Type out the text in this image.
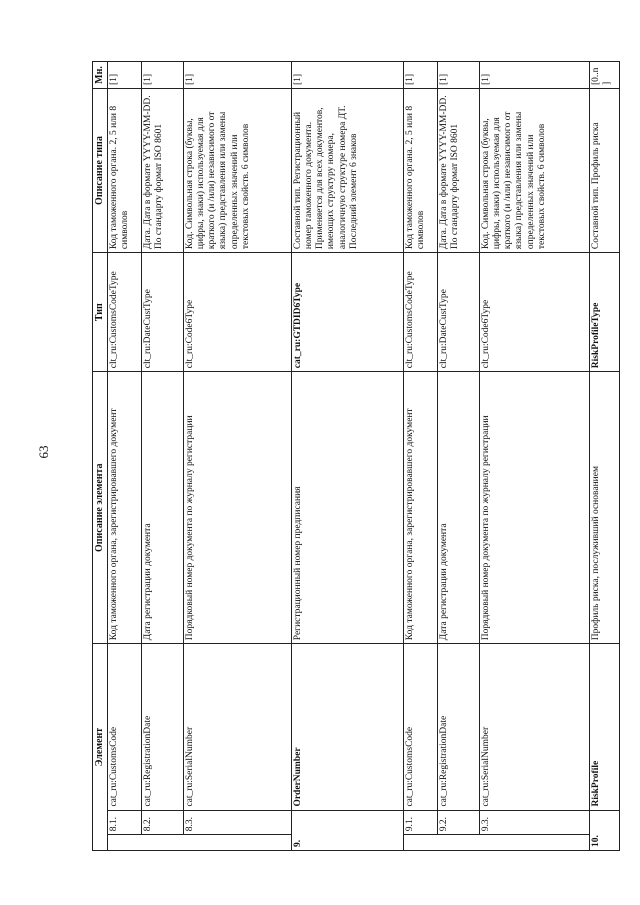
63
Элемент			Описание элемента	Тип	Описание типа	Мн.
	8.1.	cat_ru:CustomsCode	Код таможенного органа, зарегистрировавшего документ	clt_ru:CustomsCodeType	Код таможенного органа. 2, 5 или 8 символов	[1]
	8.2.	cat_ru:RegistrationDate	Дата регистрации документа	clt_ru:DateCustType	Дата. Дата в формате YYYY-MM-DD. По стандарту формат ISO 8601	[1]
	8.3.	cat_ru:SerialNumber	Порядковый номер документа по журналу регистрации	clt_ru:Code6Type	Код. Символьная строка (буквы, цифры, знаки) используемая для краткого (и /или) независимого от языка) представления или замены определенных значений или текстовых свойств. 6 символов	[1]
9.		OrderNumber	Регистрационный номер предписания	cat_ru:GTDID6Type	Составной тип. Регистрационный номер таможенного документа. Применяется для всех документов, имеющих структуру номера, аналогичную структуре номера ДТ. Последний элемент 6 знаков	[1]
	9.1.	cat_ru:CustomsCode	Код таможенного органа, зарегистрировавшего документ	clt_ru:CustomsCodeType	Код таможенного органа. 2, 5 или 8 символов	[1]
	9.2.	cat_ru:RegistrationDate	Дата регистрации документа	clt_ru:DateCustType	Дата. Дата в формате YYYY-MM-DD. По стандарту формат ISO 8601	[1]
	9.3.	cat_ru:SerialNumber	Порядковый номер документа по журналу регистрации	clt_ru:Code6Type	Код. Символьная строка (буквы, цифры, знаки) используемая для краткого (и /или) независимого от языка) представления или замены определенных значений или текстовых свойств. 6 символов	[1]
10.		RiskProfile	Профиль риска, послуживший основанием	RiskProfileType	Составной тип. Профиль риска	[0..n]
